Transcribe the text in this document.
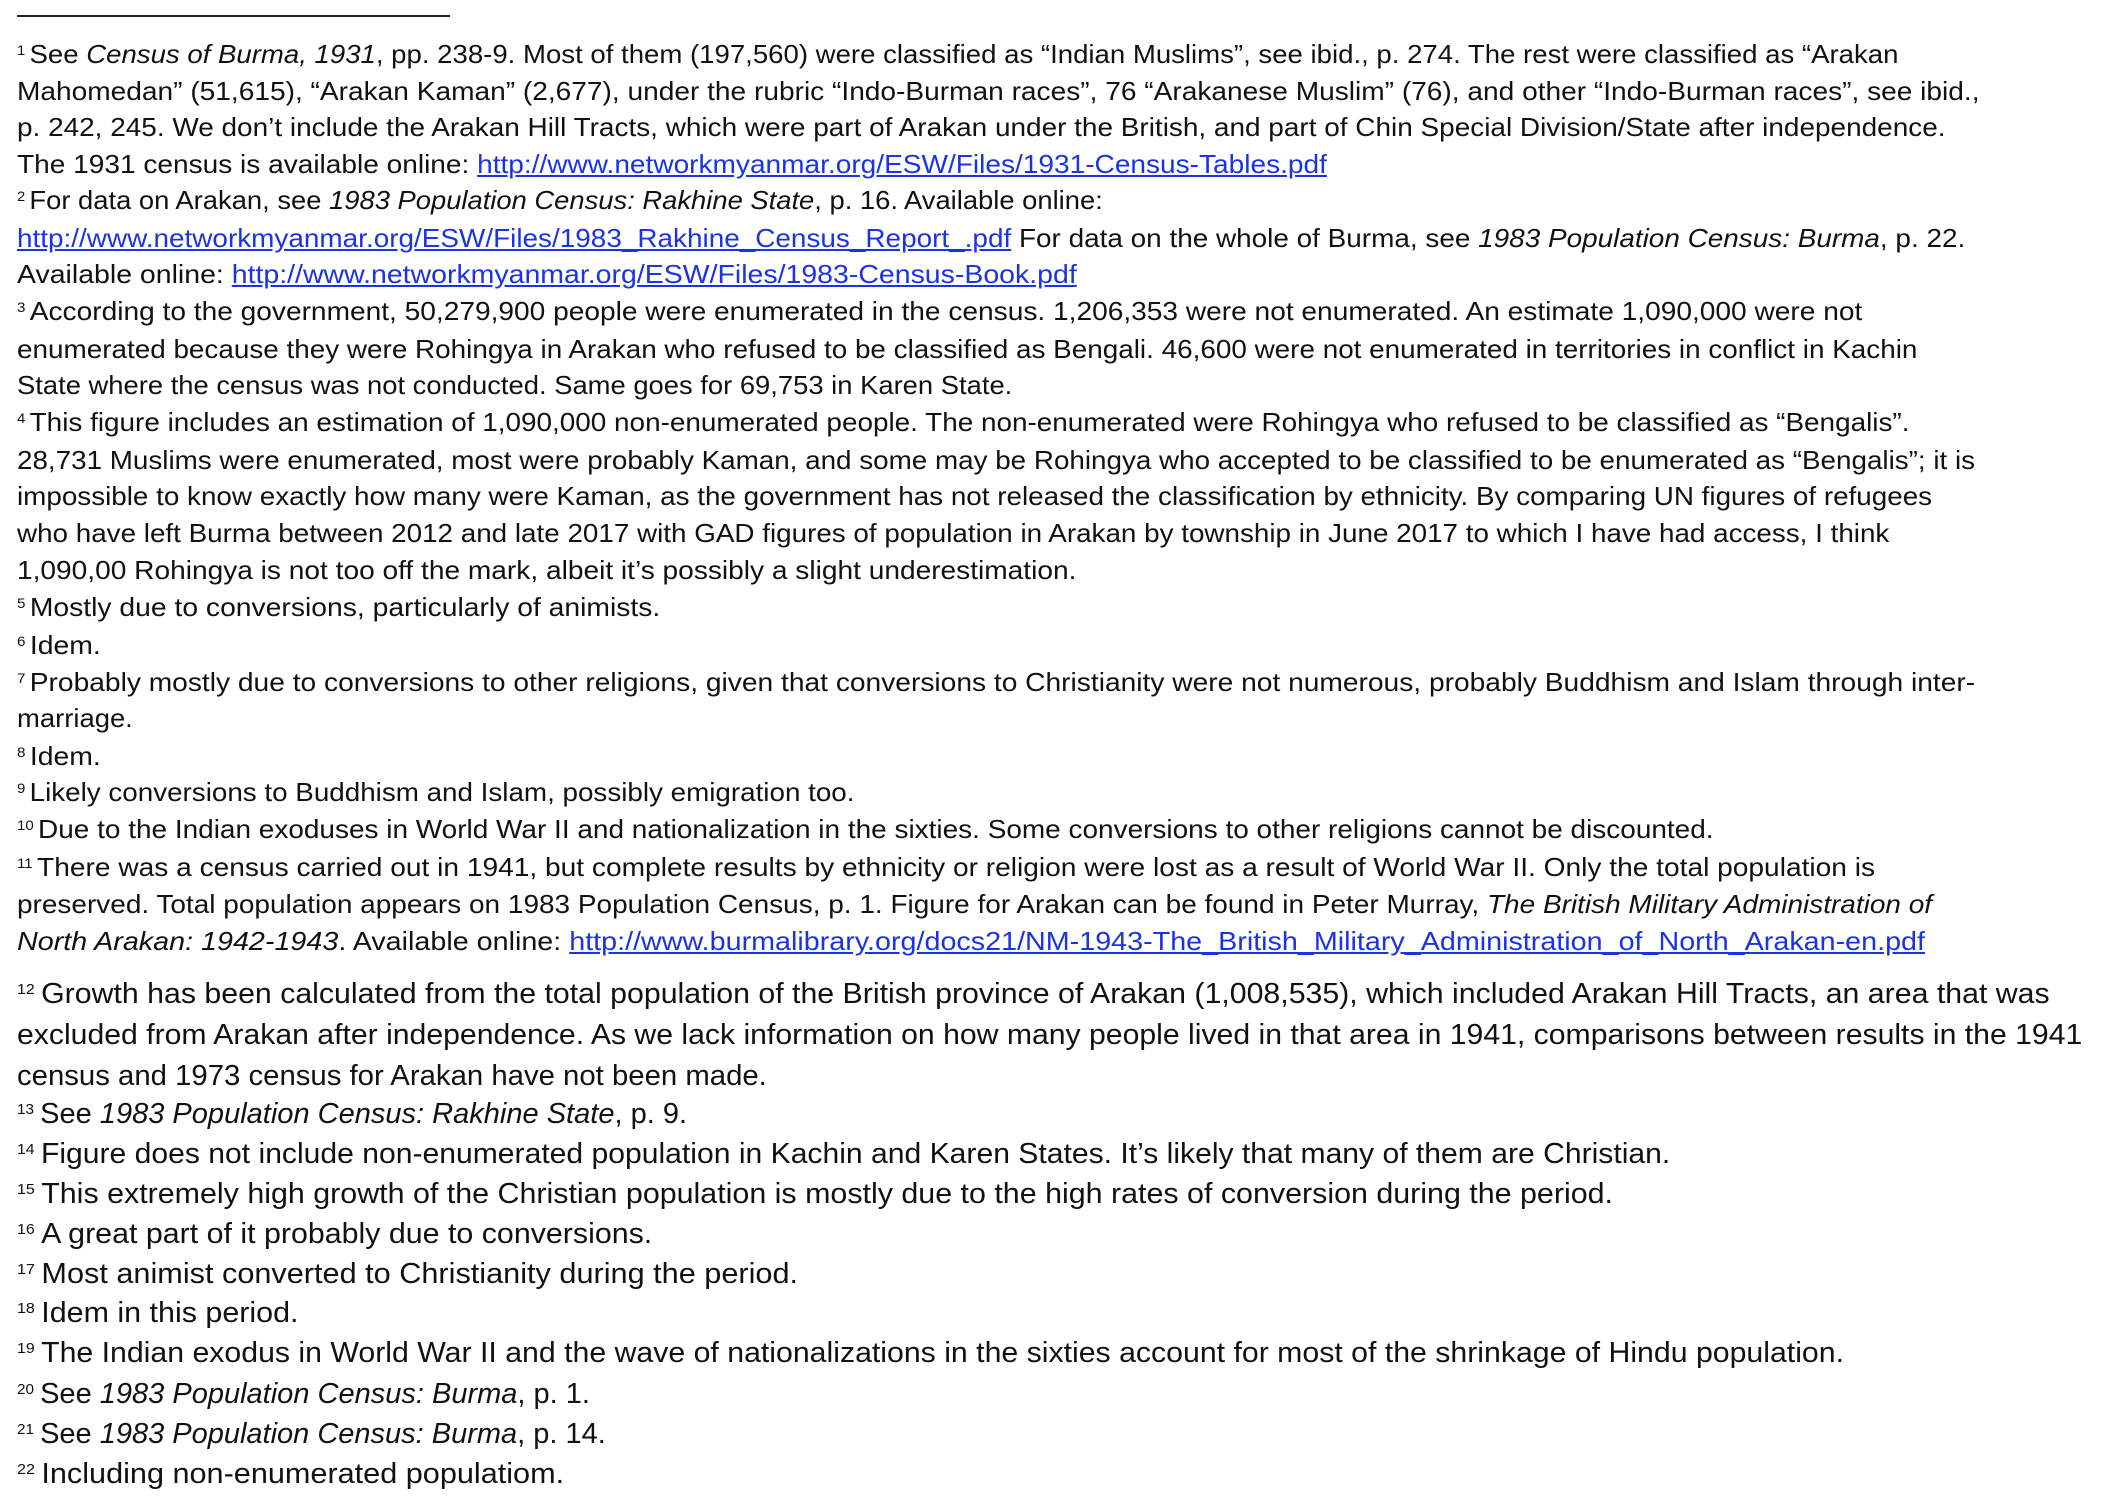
$^1$ See Census of Burma, 1931, pp. 238-9. Most of them (197,560) were classified as “Indian Muslims”, see ibid., p. 274. The rest were classified as “Arakan
Mahomedan” (51,615), “Arakan Kaman” (2,677), under the rubric “Indo-Burman races”, 76 “Arakanese Muslim” (76), and other “Indo-Burman races”, see ibid.,
p. 242, 245. We don’t include the Arakan Hill Tracts, which were part of Arakan under the British, and part of Chin Special Division/State after independence.
The 1931 census is available online: http://www.networkmyanmar.org/ESW/Files/1931-Census-Tables.pdf
$^2$ For data on Arakan, see 1983 Population Census: Rakhine State, p. 16. Available online:
http://www.networkmyanmar.org/ESW/Files/1983_Rakhine_Census_Report_.pdf For data on the whole of Burma, see 1983 Population Census: Burma, p. 22.
Available online: http://www.networkmyanmar.org/ESW/Files/1983-Census-Book.pdf
$^3$ According to the government, 50,279,900 people were enumerated in the census. 1,206,353 were not enumerated. An estimate 1,090,000 were not
enumerated because they were Rohingya in Arakan who refused to be classified as Bengali. 46,600 were not enumerated in territories in conflict in Kachin
State where the census was not conducted. Same goes for 69,753 in Karen State.
$^4$ This figure includes an estimation of 1,090,000 non-enumerated people. The non-enumerated were Rohingya who refused to be classified as “Bengalis”.
28,731 Muslims were enumerated, most were probably Kaman, and some may be Rohingya who accepted to be classified to be enumerated as “Bengalis”; it is
impossible to know exactly how many were Kaman, as the government has not released the classification by ethnicity. By comparing UN figures of refugees
who have left Burma between 2012 and late 2017 with GAD figures of population in Arakan by township in June 2017 to which I have had access, I think
1,090,00 Rohingya is not too off the mark, albeit it’s possibly a slight underestimation.
$^5$ Mostly due to conversions, particularly of animists.
$^6$ Idem.
$^7$ Probably mostly due to conversions to other religions, given that conversions to Christianity were not numerous, probably Buddhism and Islam through inter-
marriage.
$^8$ Idem.
$^9$ Likely conversions to Buddhism and Islam, possibly emigration too.
$^{10}$ Due to the Indian exoduses in World War II and nationalization in the sixties. Some conversions to other religions cannot be discounted.
$^{11}$ There was a census carried out in 1941, but complete results by ethnicity or religion were lost as a result of World War II. Only the total population is
preserved. Total population appears on 1983 Population Census, p. 1. Figure for Arakan can be found in Peter Murray, The British Military Administration of
North Arakan: 1942-1943. Available online: http://www.burmalibrary.org/docs21/NM-1943-The_British_Military_Administration_of_North_Arakan-en.pdf
$^{12}$ Growth has been calculated from the total population of the British province of Arakan (1,008,535), which included Arakan Hill Tracts, an area that was
excluded from Arakan after independence. As we lack information on how many people lived in that area in 1941, comparisons between results in the 1941
census and 1973 census for Arakan have not been made.
$^{13}$ See 1983 Population Census: Rakhine State, p. 9.
$^{14}$ Figure does not include non-enumerated population in Kachin and Karen States. It’s likely that many of them are Christian.
$^{15}$ This extremely high growth of the Christian population is mostly due to the high rates of conversion during the period.
$^{16}$ A great part of it probably due to conversions.
$^{17}$ Most animist converted to Christianity during the period.
$^{18}$ Idem in this period.
$^{19}$ The Indian exodus in World War II and the wave of nationalizations in the sixties account for most of the shrinkage of Hindu population.
$^{20}$ See 1983 Population Census: Burma, p. 1.
$^{21}$ See 1983 Population Census: Burma, p. 14.
$^{22}$ Including non-enumerated populatiom.
